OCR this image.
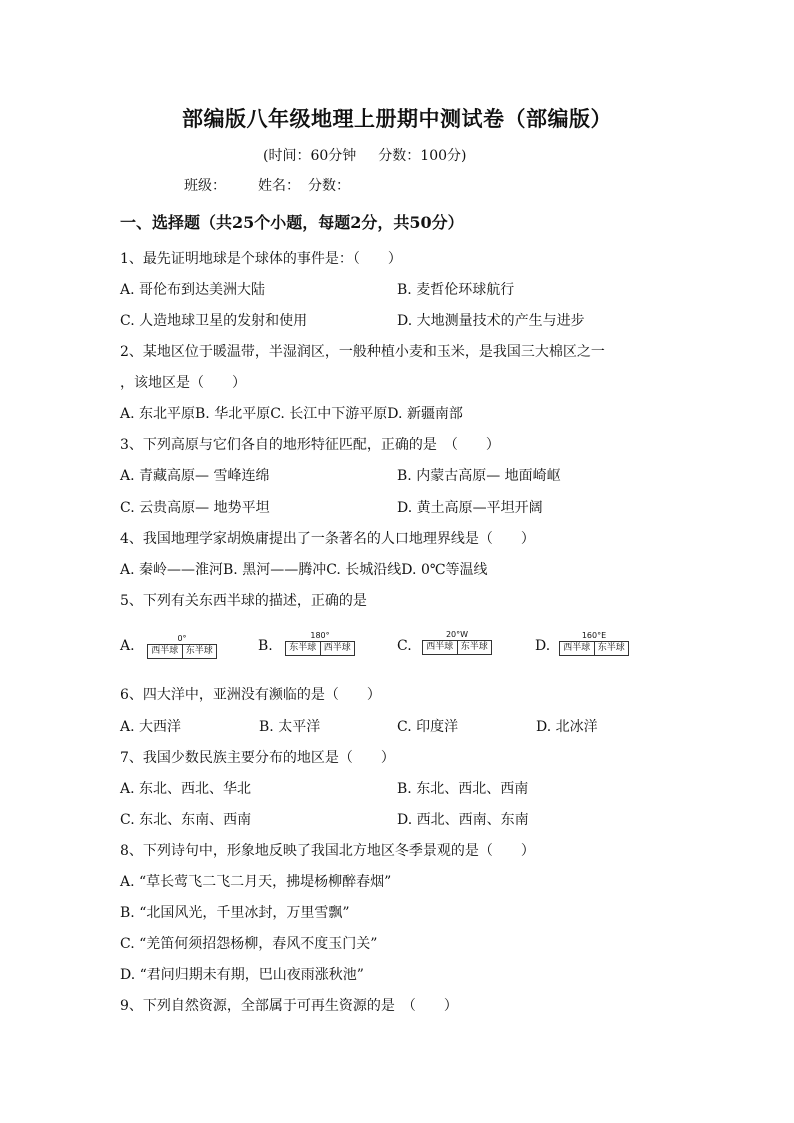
部编版八年级地理上册期中测试卷（部编版）
(时间：60分钟 分数：100分)
班级： 姓名： 分数：
一、选择题（共25个小题，每题2分，共50分）
1、最先证明地球是个球体的事件是：（　　）
A. 哥伦布到达美洲大陆	B. 麦哲伦环球航行
C. 人造地球卫星的发射和使用	D. 大地测量技术的产生与进步
2、某地区位于暖温带，半湿润区，一般种植小麦和玉米，是我国三大棉区之一
，该地区是（　　）
A. 东北平原B. 华北平原C. 长江中下游平原D. 新疆南部
3、下列高原与它们各自的地形特征匹配，正确的是　（　　）
A. 青藏高原— 雪峰连绵	B. 内蒙古高原— 地面崎岖
C. 云贵高原— 地势平坦	D. 黄土高原—平坦开阔
4、我国地理学家胡焕庸提出了一条著名的人口地理界线是（　　）
A. 秦岭——淮河B. 黑河——腾冲C. 长城沿线D. 0℃等温线
5、下列有关东西半球的描述，正确的是
A.	0°
西半球 东半球	B.
180°
东半球 西半球	C.
20°W
西半球 东半球	D.
160°E
西半球 东半球
6、四大洋中，亚洲没有濒临的是（　　）
A. 大西洋	B. 太平洋	C. 印度洋	D. 北冰洋
7、我国少数民族主要分布的地区是（　　）
A. 东北、西北、华北	B. 东北、西北、西南
C. 东北、东南、西南	D. 西北、西南、东南
8、下列诗句中，形象地反映了我国北方地区冬季景观的是（　　）
A. “草长莺飞二飞二月天，拂堤杨柳醉春烟”
B. “北国风光，千里冰封，万里雪飘”
C. “羌笛何须招怨杨柳，春风不度玉门关”
D. “君问归期未有期，巴山夜雨涨秋池”
9、下列自然资源，全部属于可再生资源的是　（　　）
